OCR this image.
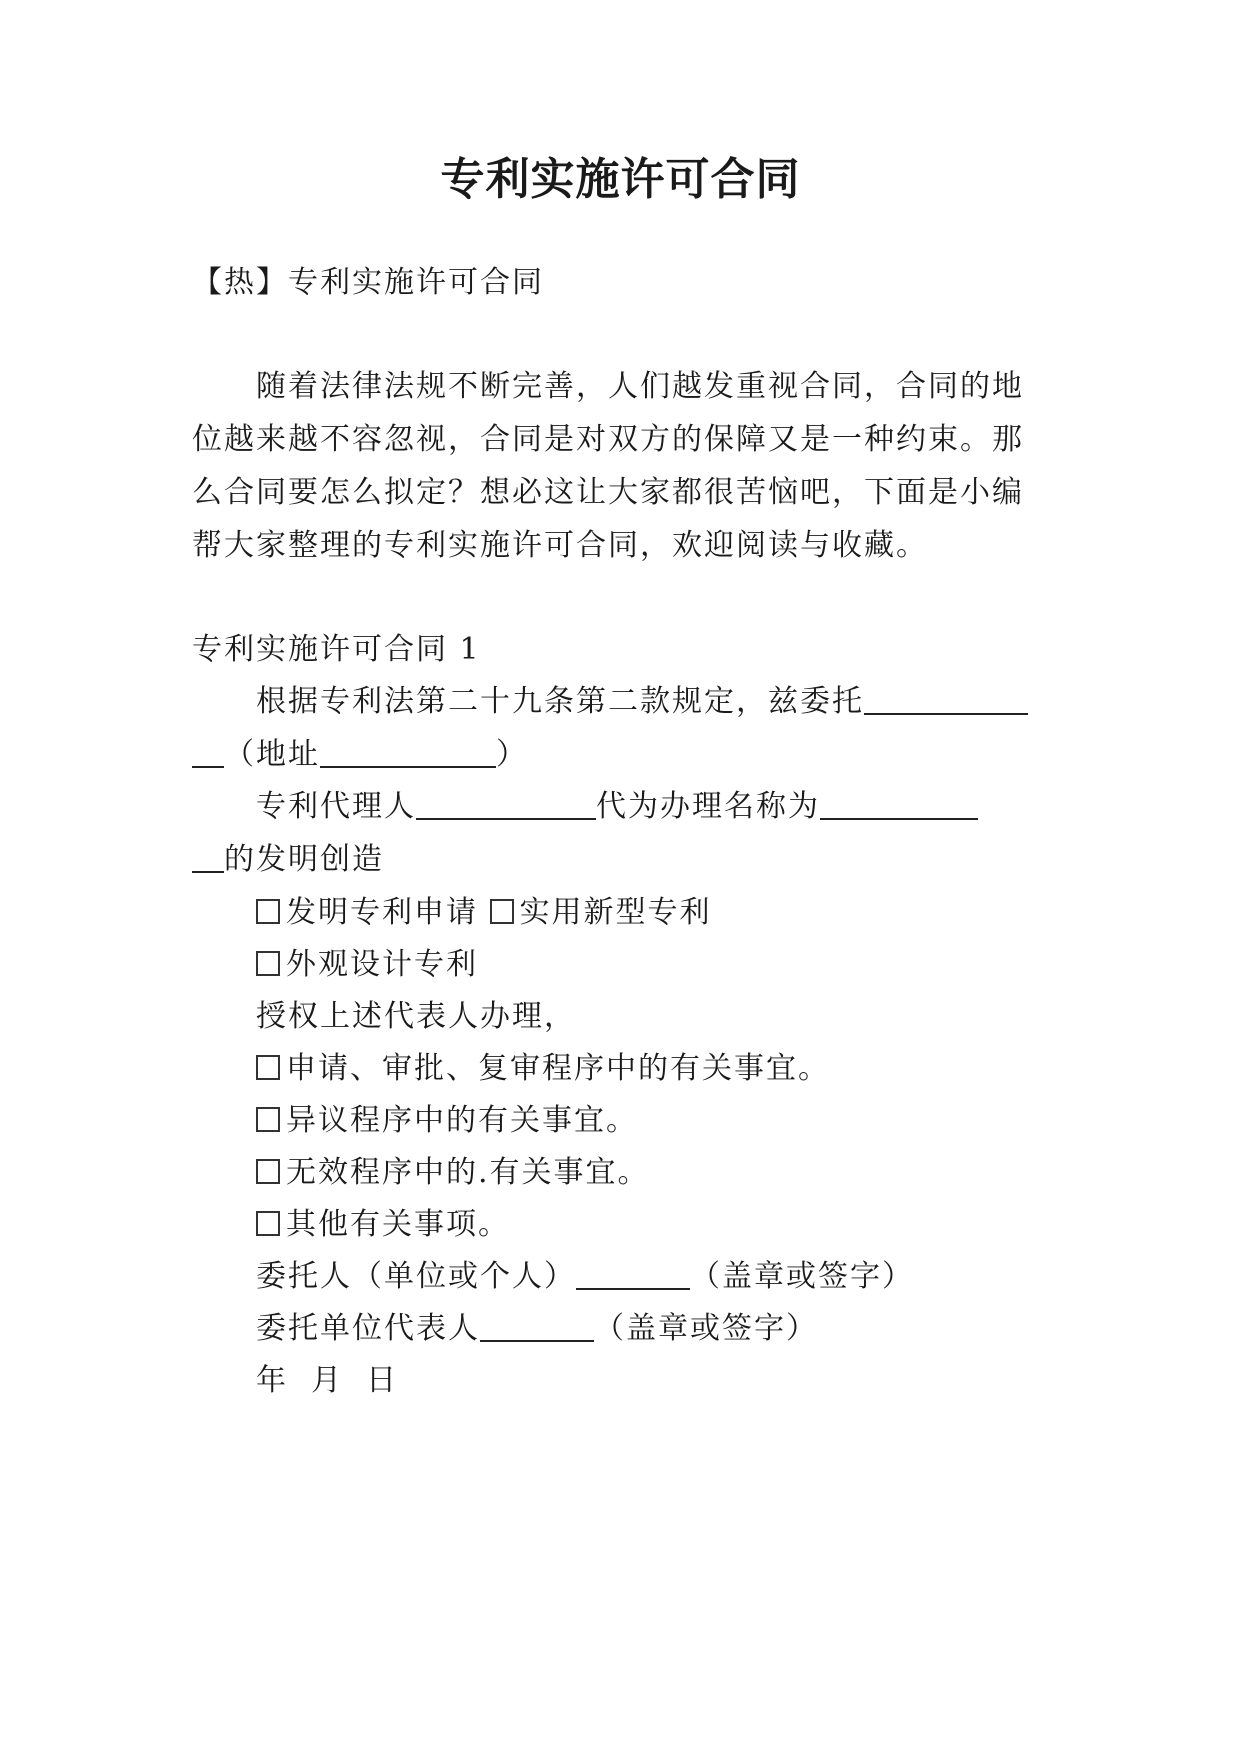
专利实施许可合同
【热】专利实施许可合同
随着法律法规不断完善，人们越发重视合同，合同的地
位越来越不容忽视，合同是对双方的保障又是一种约束。那
么合同要怎么拟定？想必这让大家都很苦恼吧，下面是小编
帮大家整理的专利实施许可合同，欢迎阅读与收藏。
专利实施许可合同 1
根据专利法第二十九条第二款规定，兹委托
（地址	）
专利代理人	代为办理名称为
的发明创造
发明专利申请 实用新型专利
外观设计专利
授权上述代表人办理，
申请、审批、复审程序中的有关事宜。
异议程序中的有关事宜。
无效程序中的.有关事宜。
其他有关事项。
委托人（单位或个人）	（盖章或签字）
委托单位代表人	（盖章或签字）
年  月  日
